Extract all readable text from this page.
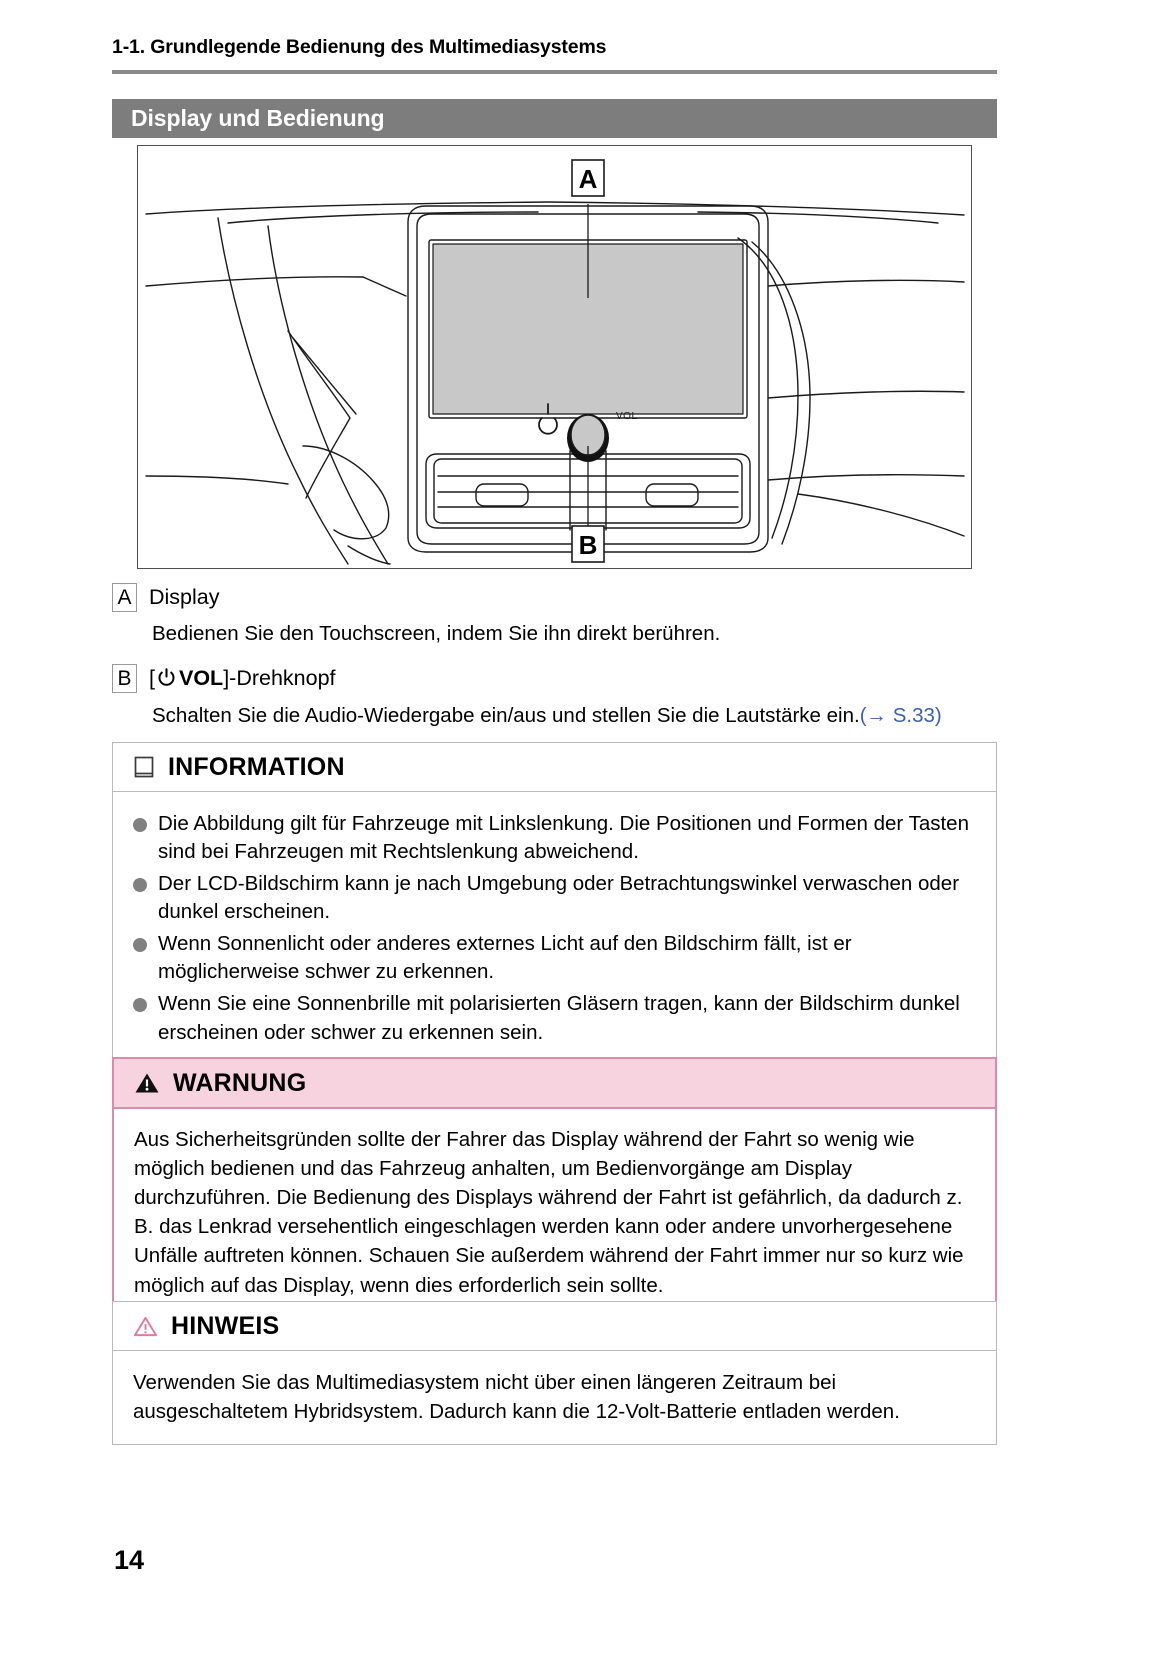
1-1. Grundlegende Bedienung des Multimediasystems
Display und Bedienung
VOL
A
B
A Display
Bedienen Sie den Touchscreen, indem Sie ihn direkt berühren.
B [ VOL]-Drehknopf
Schalten Sie die Audio-Wiedergabe ein/aus und stellen Sie die Lautstärke ein.(→ S.33)
INFORMATION
Die Abbildung gilt für Fahrzeuge mit Linkslenkung. Die Positionen und Formen der Tasten sind bei Fahrzeugen mit Rechtslenkung abweichend.
Der LCD-Bildschirm kann je nach Umgebung oder Betrachtungswinkel verwaschen oder dunkel erscheinen.
Wenn Sonnenlicht oder anderes externes Licht auf den Bildschirm fällt, ist er möglicherweise schwer zu erkennen.
Wenn Sie eine Sonnenbrille mit polarisierten Gläsern tragen, kann der Bildschirm dunkel erscheinen oder schwer zu erkennen sein.
WARNUNG
Aus Sicherheitsgründen sollte der Fahrer das Display während der Fahrt so wenig wie möglich bedienen und das Fahrzeug anhalten, um Bedienvorgänge am Display durchzuführen. Die Bedienung des Displays während der Fahrt ist gefährlich, da dadurch z. B. das Lenkrad versehentlich eingeschlagen werden kann oder andere unvorhergesehene Unfälle auftreten können. Schauen Sie außerdem während der Fahrt immer nur so kurz wie möglich auf das Display, wenn dies erforderlich sein sollte.
HINWEIS
Verwenden Sie das Multimediasystem nicht über einen längeren Zeitraum bei ausgeschaltetem Hybridsystem. Dadurch kann die 12-Volt-Batterie entladen werden.
14
